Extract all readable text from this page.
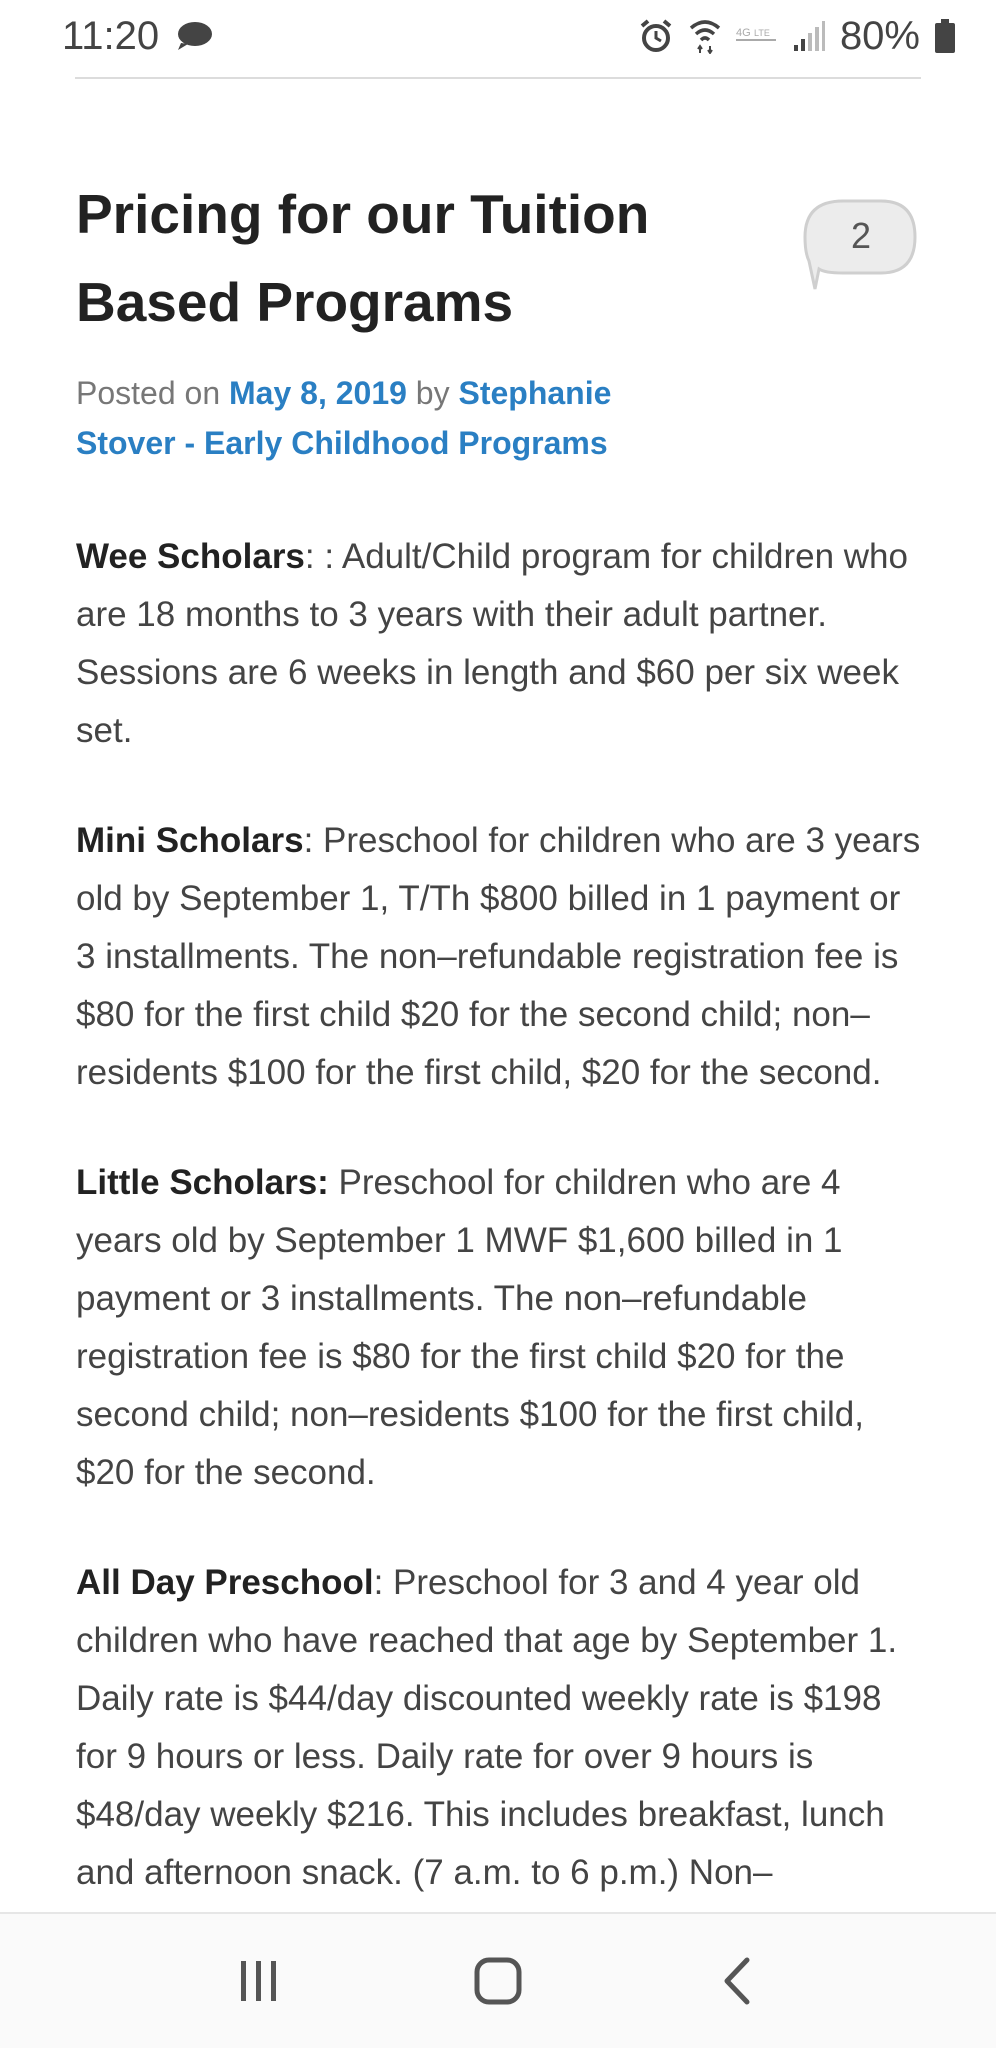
11:20	4G LTE 80%
2
Pricing for our Tuition
Based Programs
Posted on May 8, 2019 by Stephanie Stover - Early Childhood Programs

Wee Scholars: : Adult/Child program for children who are 18 months to 3 years with their adult partner. Sessions are 6 weeks in length and $60 per six week set.

Mini Scholars: Preschool for children who are 3 years old by September 1, T/Th $800 billed in 1 payment or 3 installments. The non–refundable registration fee is $80 for the first child $20 for the second child; non–residents $100 for the first child, $20 for the second.

Little Scholars: Preschool for children who are 4 years old by September 1 MWF $1,600 billed in 1 payment or 3 installments. The non–refundable registration fee is $80 for the first child $20 for the second child; non–residents $100 for the first child, $20 for the second.

All Day Preschool: Preschool for 3 and 4 year old children who have reached that age by September 1. Daily rate is $44/day discounted weekly rate is $198 for 9 hours or less. Daily rate for over 9 hours is $48/day weekly $216. This includes breakfast, lunch and afternoon snack. (7 a.m. to 6 p.m.) Non–
